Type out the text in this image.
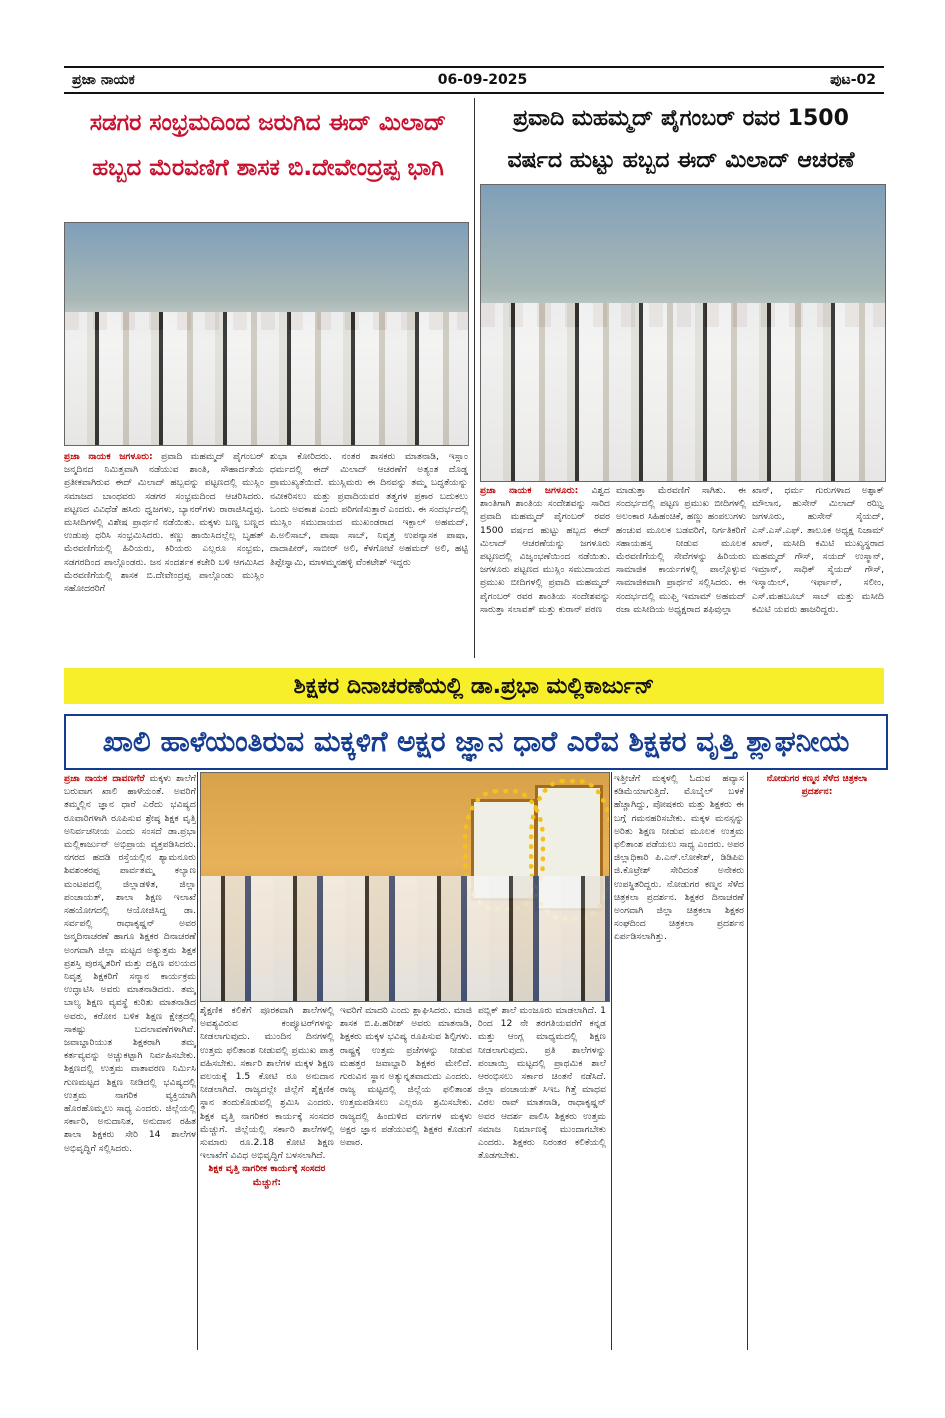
ಪ್ರಜಾ ನಾಯಕ	06-09-2025	ಪುಟ-02
ಸಡಗರ ಸಂಭ್ರಮದಿಂದ ಜರುಗಿದ ಈದ್ ಮಿಲಾದ್
ಹಬ್ಬದ ಮೆರವಣಿಗೆ ಶಾಸಕ ಬಿ.ದೇವೇಂದ್ರಪ್ಪ ಭಾಗಿ
ಪ್ರವಾದಿ ಮಹಮ್ಮದ್ ಪೈಗಂಬರ್ ರವರ 1500
ವರ್ಷದ ಹುಟ್ಟು ಹಬ್ಬದ ಈದ್ ಮಿಲಾದ್ ಆಚರಣೆ
ಪ್ರಜಾ ನಾಯಕ ಜಗಳೂರು: ಪ್ರವಾದಿ ಮಹಮ್ಮದ್ ಪೈಗಂಬರ್ ಜನ್ಮದಿನದ ನಿಮಿತ್ತವಾಗಿ ನಡೆಯುವ ಶಾಂತಿ, ಸೌಹಾರ್ದತೆಯ ಪ್ರತೀಕವಾಗಿರುವ ಈದ್ ಮಿಲಾದ್ ಹಬ್ಬವನ್ನು ಪಟ್ಟಣದಲ್ಲಿ ಮುಸ್ಲಿಂ ಸಮಾಜದ ಬಾಂಧವರು ಸಡಗರ ಸಂಭ್ರಮದಿಂದ ಆಚರಿಸಿದರು. ಪಟ್ಟಣದ ವಿವಿಧೆಡೆ ಹಸಿರು ಧ್ವಜಗಳು, ಬ್ಯಾನರ್‌ಗಳು ರಾರಾಜಿಸಿದ್ದವು. ಮಸೀದಿಗಳಲ್ಲಿ ವಿಶೇಷ ಪ್ರಾರ್ಥನೆ ನಡೆಯಿತು. ಮಕ್ಕಳು ಬಣ್ಣ ಬಣ್ಣದ ಉಡುಪು ಧರಿಸಿ ಸಂಭ್ರಮಿಸಿದರು. ಕಣ್ಣು ಹಾಯಿಸಿದಲ್ಲೆಲ್ಲ ಬೃಹತ್ ಮೆರವಣಿಗೆಯಲ್ಲಿ ಹಿರಿಯರು, ಕಿರಿಯರು ಎಲ್ಲರೂ ಸಂಭ್ರಮ, ಸಡಗರದಿಂದ ಪಾಲ್ಗೊಂಡರು. ಜನ ಸಂದರ್ಶಕ ಕಚೇರಿ ಬಳಿ ಆಗಮಿಸಿದ ಮೆರವಣಿಗೆಯಲ್ಲಿ ಶಾಸಕ ಬಿ.ದೇವೇಂದ್ರಪ್ಪ ಪಾಲ್ಗೊಂಡು ಮುಸ್ಲಿಂ ಸಹೋದರರಿಗೆ
ಶುಭಾ ಕೋರಿದರು. ನಂತರ ಶಾಸಕರು ಮಾತನಾಡಿ, ಇಸ್ಲಾಂ ಧರ್ಮದಲ್ಲಿ ಈದ್ ಮಿಲಾದ್ ಆಚರಣೆಗೆ ಅತ್ಯಂತ ದೊಡ್ಡ ಪ್ರಾಮುಖ್ಯತೆಯಿದೆ. ಮುಸ್ಲಿಮರು ಈ ದಿನವನ್ನು ತಮ್ಮ ಬದ್ಧತೆಯನ್ನು ನವೀಕರಿಸಲು ಮತ್ತು ಪ್ರವಾದಿಯವರ ತತ್ವಗಳ ಪ್ರಕಾರ ಬದುಕಲು ಒಂದು ಅವಕಾಶ ಎಂದು ಪರಿಗಣಿಸುತ್ತಾರೆ ಎಂದರು. ಈ ಸಂದರ್ಭದಲ್ಲಿ ಮುಸ್ಲಿಂ ಸಮುದಾಯದ ಮುಖಂಡರಾದ ಇಕ್ಬಾಲ್ ಅಹಮದ್, ಪಿ.ಅಲಿಸಾಬ್, ಪಾಷಾ ಸಾಬ್, ನಿವೃತ್ತ ಉಪನ್ಯಾಸಕ ಪಾಷಾ, ದಾದಾಪೀರ್, ಸಾಬೀರ್ ಅಲಿ, ಕೆಳಗೋಟೆ ಅಹಮದ್ ಅಲಿ, ಹಟ್ಟಿ ತಿಪ್ಪೇಸ್ವಾಮಿ, ಮಾಳಮ್ಮನಹಳ್ಳಿ ವೆಂಕಟೇಶ್ ಇದ್ದರು
ಪ್ರಜಾ ನಾಯಕ ಜಗಳೂರು: ವಿಶ್ವದ ಶಾಂತಿಗಾಗಿ ಶಾಂತಿಯ ಸಂದೇಶವನ್ನು ಸಾರಿದ ಪ್ರವಾದಿ ಮಹಮ್ಮದ್ ಪೈಗಂಬರ್ ರವರ 1500 ವರ್ಷದ ಹುಟ್ಟು ಹಬ್ಬದ ಈದ್ ಮಿಲಾದ್ ಆಚರಣೆಯನ್ನು ಜಗಳೂರು ಪಟ್ಟಣದಲ್ಲಿ ವಿಜೃಂಭಣೆಯಿಂದ ನಡೆಯಿತು. ಜಗಳೂರು ಪಟ್ಟಣದ ಮುಸ್ಲಿಂ ಸಮುದಾಯದ ಪ್ರಮುಖ ಬೀದಿಗಳಲ್ಲಿ ಪ್ರವಾದಿ ಮಹಮ್ಮದ್ ಪೈಗಂಬರ್ ರವರ ಶಾಂತಿಯ ಸಂದೇಶವನ್ನು ಸಾರುತ್ತಾ ಸಲಾವತ್ ಮತ್ತು ಕುರಾನ್ ಪಠಣ
ಮಾಡುತ್ತಾ ಮೆರವಣಿಗೆ ಸಾಗಿತು. ಈ ಸಂದರ್ಭದಲ್ಲಿ ಪಟ್ಟಣ ಪ್ರಮುಖ ಬೀದಿಗಳಲ್ಲಿ ಅಲಂಕಾರ ಸಿಹಿಹಂಚಿಕೆ, ಹಣ್ಣು ಹಂಪಲುಗಳು ಹಂಚುವ ಮೂಲಕ ಬಡವರಿಗೆ, ನಿರ್ಗತಿಕರಿಗೆ ಸಹಾಯಹಸ್ತ ನೀಡುವ ಮೂಲಕ ಮೆರವಣಿಗೆಯಲ್ಲಿ ಸೇವೆಗಳನ್ನು ಹಿರಿಯರು ಸಾಮಾಜಿಕ ಕಾರ್ಯಗಳಲ್ಲಿ ಪಾಲ್ಗೊಳ್ಳುವ ಸಾಮಾಜಿಕವಾಗಿ ಪ್ರಾರ್ಥನೆ ಸಲ್ಲಿಸಿದರು. ಈ ಸಂದರ್ಭದಲ್ಲಿ ಮುಫ್ತಿ ಇಮಾಮ್ ಅಹಮದ್ ರಜಾ ಮಸೀದಿಯ ಅಧ್ಯಕ್ಷರಾದ ಶಫಿವುಲ್ಲಾ
ಖಾನ್, ಧರ್ಮ ಗುರುಗಳಾದ ಅಶ್ಫಾಕ್ ಮೌಲಾನ, ಹುಸೇನ್ ಮಿಲಾದ್ ರಝ್ವಿ ಜಗಳೂರು, ಹುಸೇನ್ ಸೈಯದ್, ಎಸ್.ಎಸ್.ಎಫ್. ತಾಲೂಕ ಅಧ್ಯಕ್ಷ ನಿಜಾಮ್ ಖಾನ್, ಮಸೀದಿ ಕಮಿಟಿ ಮುಖ್ಯಸ್ಥರಾದ ಮಹಮ್ಮದ್ ಗೌಸ್, ಸಯದ್ ಉಸ್ಮಾನ್, ಇಮ್ರಾನ್, ಸಾಧಿಕ್ ಸೈಯದ್ ಗೌಸ್, ಇಸ್ಮಾಯಿಲ್, ಇರ್ಫಾನ್, ಸಲೀಂ, ಎಸ್.ಮಹಬೂಬ್ ಸಾಬ್ ಮತ್ತು ಮಸೀದಿ ಕಮಿಟಿ ಯವರು ಹಾಜರಿದ್ದರು.
ಶಿಕ್ಷಕರ ದಿನಾಚರಣೆಯಲ್ಲಿ ಡಾ.ಪ್ರಭಾ ಮಲ್ಲಿಕಾರ್ಜುನ್
ಖಾಲಿ ಹಾಳೆಯಂತಿರುವ ಮಕ್ಕಳಿಗೆ ಅಕ್ಷರ ಜ್ಞಾನ ಧಾರೆ ಎರೆವ ಶಿಕ್ಷಕರ ವೃತ್ತಿ ಶ್ಲಾಘನೀಯ
ಪ್ರಜಾ ನಾಯಕ ದಾವಣಗೆರೆ ಮಕ್ಕಳು ಶಾಲೆಗೆ ಬರುವಾಗ ಖಾಲಿ ಹಾಳೆಯಂತೆ. ಅವರಿಗೆ ತಮ್ಮಲ್ಲಿನ ಜ್ಞಾನ ಧಾರೆ ಎರೆದು ಭವಿಷ್ಯದ ರೂವಾರಿಗಳಾಗಿ ರೂಪಿಸುವ ಶ್ರೇಷ್ಠ ಶಿಕ್ಷಕ ವೃತ್ತಿ ಅನಿರ್ವಚನೀಯ ಎಂದು ಸಂಸದೆ ಡಾ.ಪ್ರಭಾ ಮಲ್ಲಿಕಾರ್ಜುನ್ ಅಭಿಪ್ರಾಯ ವ್ಯಕ್ತಪಡಿಸಿದರು. ನಗರದ ಹದಡಿ ರಸ್ತೆಯಲ್ಲಿನ ಶ್ಯಾಮನೂರು ಶಿವಶಂಕರಪ್ಪ ಪಾರ್ವತಮ್ಮ ಕಲ್ಯಾಣ ಮಂಟಪದಲ್ಲಿ ಜಿಲ್ಲಾಡಳಿತ, ಜಿಲ್ಲಾ ಪಂಚಾಯತ್, ಶಾಲಾ ಶಿಕ್ಷಣ ಇಲಾಖೆ ಸಹಯೋಗದಲ್ಲಿ ಆಯೋಜಿಸಿದ್ದ ಡಾ. ಸರ್ವಪಲ್ಲಿ ರಾಧಾಕೃಷ್ಣನ್ ಅವರ ಜನ್ಮದಿನಾಚರಣೆ ಹಾಗೂ ಶಿಕ್ಷಕರ ದಿನಾಚರಣೆ ಅಂಗವಾಗಿ ಜಿಲ್ಲಾ ಮಟ್ಟದ ಅತ್ಯುತ್ತಮ ಶಿಕ್ಷಕ ಪ್ರಶಸ್ತಿ ಪುರಸ್ಕೃತರಿಗೆ ಮತ್ತು ದಕ್ಷಿಣ ವಲಯದ ನಿವೃತ್ತ ಶಿಕ್ಷಕರಿಗೆ ಸನ್ಮಾನ ಕಾರ್ಯಕ್ರಮ ಉದ್ಘಾಟಿಸಿ ಅವರು ಮಾತನಾಡಿದರು. ತಮ್ಮ ಬಾಲ್ಯ ಶಿಕ್ಷಣ ವ್ಯವಸ್ಥೆ ಕುರಿತು ಮಾತನಾಡಿದ ಅವರು, ಕರೋನ ಬಳಿಕ ಶಿಕ್ಷಣ ಕ್ಷೇತ್ರದಲ್ಲಿ ಸಾಕಷ್ಟು ಬದಲಾವಣೆಗಳಾಗಿವೆ. ಜವಾಬ್ದಾರಿಯುತ ಶಿಕ್ಷಕರಾಗಿ ತಮ್ಮ ಕರ್ತವ್ಯವನ್ನು ಅಚ್ಚುಕಟ್ಟಾಗಿ ನಿರ್ವಹಿಸಬೇಕು. ಶಿಕ್ಷಣದಲ್ಲಿ ಉತ್ತಮ ವಾತಾವರಣ ನಿರ್ಮಿಸಿ ಗುಣಮಟ್ಟದ ಶಿಕ್ಷಣ ನೀಡಿದಲ್ಲಿ ಭವಿಷ್ಯದಲ್ಲಿ ಉತ್ತಮ ನಾಗರಿಕ ವ್ಯಕ್ತಿಯಾಗಿ ಹೊರಹೊಮ್ಮಲು ಸಾಧ್ಯ ಎಂದರು. ಜಿಲ್ಲೆಯಲ್ಲಿ ಸರ್ಕಾರಿ, ಅನುದಾನಿತ, ಅನುದಾನ ರಹಿತ ಶಾಲಾ ಶಿಕ್ಷಕರು ಸೇರಿ 14 ಶಾಲೆಗಳ ಅಭಿವೃದ್ಧಿಗೆ ಸಲ್ಲಿಸಿದರು.
ಶೈಕ್ಷಣಿಕ ಕಲಿಕೆಗೆ ಪೂರಕವಾಗಿ ಶಾಲೆಗಳಲ್ಲಿ ಅವಶ್ಯವಿರುವ ಕಂಪ್ಯೂಟರ್‌ಗಳನ್ನು ನೀಡಲಾಗುವುದು. ಮುಂದಿನ ದಿನಗಳಲ್ಲಿ ಉತ್ತಮ ಫಲಿತಾಂಶ ನೀಡುವಲ್ಲಿ ಪ್ರಮುಖ ಪಾತ್ರ ವಹಿಸಬೇಕು. ಸರ್ಕಾರಿ ಶಾಲೆಗಳ ಮಕ್ಕಳ ಶಿಕ್ಷಣ ವಲಯಕ್ಕೆ 1.5 ಕೋಟಿ ರೂ ಅನುದಾನ ನೀಡಲಾಗಿದೆ. ರಾಜ್ಯದಲ್ಲೇ ಜಿಲ್ಲೆಗೆ ಶೈಕ್ಷಣಿಕ ಸ್ಥಾನ ತಂದುಕೊಡುವಲ್ಲಿ ಶ್ರಮಿಸಿ ಎಂದರು. ಶಿಕ್ಷಕ ವೃತ್ತಿ ನಾಗರಿಕರ ಕಾರ್ಯಕ್ಕೆ ಸಂಸದರ ಮೆಚ್ಚುಗೆ. ಜಿಲ್ಲೆಯಲ್ಲಿ ಸರ್ಕಾರಿ ಶಾಲೆಗಳಲ್ಲಿ ಸುಮಾರು ರೂ.2.18 ಕೋಟಿ ಶಿಕ್ಷಣ ಇಲಾಖೆಗೆ ವಿವಿಧ ಅಭಿವೃದ್ಧಿಗೆ ಬಳಸಲಾಗಿದೆ.
ಶಿಕ್ಷಕ ವೃತ್ತಿ ನಾಗರೀಕ ಕಾರ್ಯಕ್ಕೆ ಸಂಸದರ ಮೆಚ್ಚುಗೆ:
ಇವರಿಗೆ ಮಾದರಿ ಎಂದು ಶ್ಲಾಘಿಸಿದರು. ಮಾಜಿ ಶಾಸಕ ಬಿ.ಪಿ.ಹರೀಶ್ ಅವರು ಮಾತನಾಡಿ, ಶಿಕ್ಷಕರು ಮಕ್ಕಳ ಭವಿಷ್ಯ ರೂಪಿಸುವ ಶಿಲ್ಪಿಗಳು. ರಾಷ್ಟ್ರಕ್ಕೆ ಉತ್ತಮ ಪ್ರಜೆಗಳನ್ನು ನೀಡುವ ಮಹತ್ತರ ಜವಾಬ್ದಾರಿ ಶಿಕ್ಷಕರ ಮೇಲಿದೆ. ಗುರುವಿನ ಸ್ಥಾನ ಅತ್ಯುನ್ನತವಾದುದು ಎಂದರು. ರಾಜ್ಯ ಮಟ್ಟದಲ್ಲಿ ಜಿಲ್ಲೆಯ ಫಲಿತಾಂಶ ಉತ್ತಮಪಡಿಸಲು ಎಲ್ಲರೂ ಶ್ರಮಿಸಬೇಕು. ರಾಜ್ಯದಲ್ಲಿ ಹಿಂದುಳಿದ ವರ್ಗಗಳ ಮಕ್ಕಳು ಅಕ್ಷರ ಜ್ಞಾನ ಪಡೆಯುವಲ್ಲಿ ಶಿಕ್ಷಕರ ಕೊಡುಗೆ ಅಪಾರ.
ಪಬ್ಲಿಕ್ ಶಾಲೆ ಮಂಜೂರು ಮಾಡಲಾಗಿದೆ. 1 ರಿಂದ 12 ನೇ ತರಗತಿಯವರೆಗೆ ಕನ್ನಡ ಮತ್ತು ಆಂಗ್ಲ ಮಾಧ್ಯಮದಲ್ಲಿ ಶಿಕ್ಷಣ ನೀಡಲಾಗುವುದು. ಪ್ರತಿ ಶಾಲೆಗಳನ್ನು ಪಂಚಾಯ್ತಿ ಮಟ್ಟದಲ್ಲಿ ಪ್ರಾಥಮಿಕ ಶಾಲೆ ಆರಂಭಿಸಲು ಸರ್ಕಾರ ಚಿಂತನೆ ನಡೆಸಿದೆ. ಜಿಲ್ಲಾ ಪಂಚಾಯತ್ ಸಿಇಒ ಗಿತ್ತೆ ಮಾಧವ ವಿಠಲ ರಾವ್ ಮಾತನಾಡಿ, ರಾಧಾಕೃಷ್ಣನ್ ಅವರ ಆದರ್ಶ ಪಾಲಿಸಿ ಶಿಕ್ಷಕರು ಉತ್ತಮ ಸಮಾಜ ನಿರ್ಮಾಣಕ್ಕೆ ಮುಂದಾಗಬೇಕು ಎಂದರು. ಶಿಕ್ಷಕರು ನಿರಂತರ ಕಲಿಕೆಯಲ್ಲಿ ತೊಡಗಬೇಕು.
ಇತ್ತೀಚೆಗೆ ಮಕ್ಕಳಲ್ಲಿ ಓದುವ ಹವ್ಯಾಸ ಕಡಿಮೆಯಾಗುತ್ತಿದೆ. ಮೊಬೈಲ್ ಬಳಕೆ ಹೆಚ್ಚಾಗಿದ್ದು, ಪೋಷಕರು ಮತ್ತು ಶಿಕ್ಷಕರು ಈ ಬಗ್ಗೆ ಗಮನಹರಿಸಬೇಕು. ಮಕ್ಕಳ ಮನಸ್ಸನ್ನು ಅರಿತು ಶಿಕ್ಷಣ ನೀಡುವ ಮೂಲಕ ಉತ್ತಮ ಫಲಿತಾಂಶ ಪಡೆಯಲು ಸಾಧ್ಯ ಎಂದರು. ಅಪರ ಜಿಲ್ಲಾಧಿಕಾರಿ ಪಿ.ಎನ್.ಲೋಕೇಶ್, ಡಿಡಿಪಿಐ ಜಿ.ಕೊಟ್ರೇಶ್ ಸೇರಿದಂತೆ ಅನೇಕರು ಉಪಸ್ಥಿತರಿದ್ದರು. ನೋಡುಗರ ಕಣ್ಮನ ಸೆಳೆದ ಚಿತ್ರಕಲಾ ಪ್ರದರ್ಶನ. ಶಿಕ್ಷಕರ ದಿನಾಚರಣೆ ಅಂಗವಾಗಿ ಜಿಲ್ಲಾ ಚಿತ್ರಕಲಾ ಶಿಕ್ಷಕರ ಸಂಘದಿಂದ ಚಿತ್ರಕಲಾ ಪ್ರದರ್ಶನ ಏರ್ಪಡಿಸಲಾಗಿತ್ತು.
ನೋಡುಗರ ಕಣ್ಮನ ಸೆಳೆದ ಚಿತ್ರಕಲಾ ಪ್ರದರ್ಶನ:
